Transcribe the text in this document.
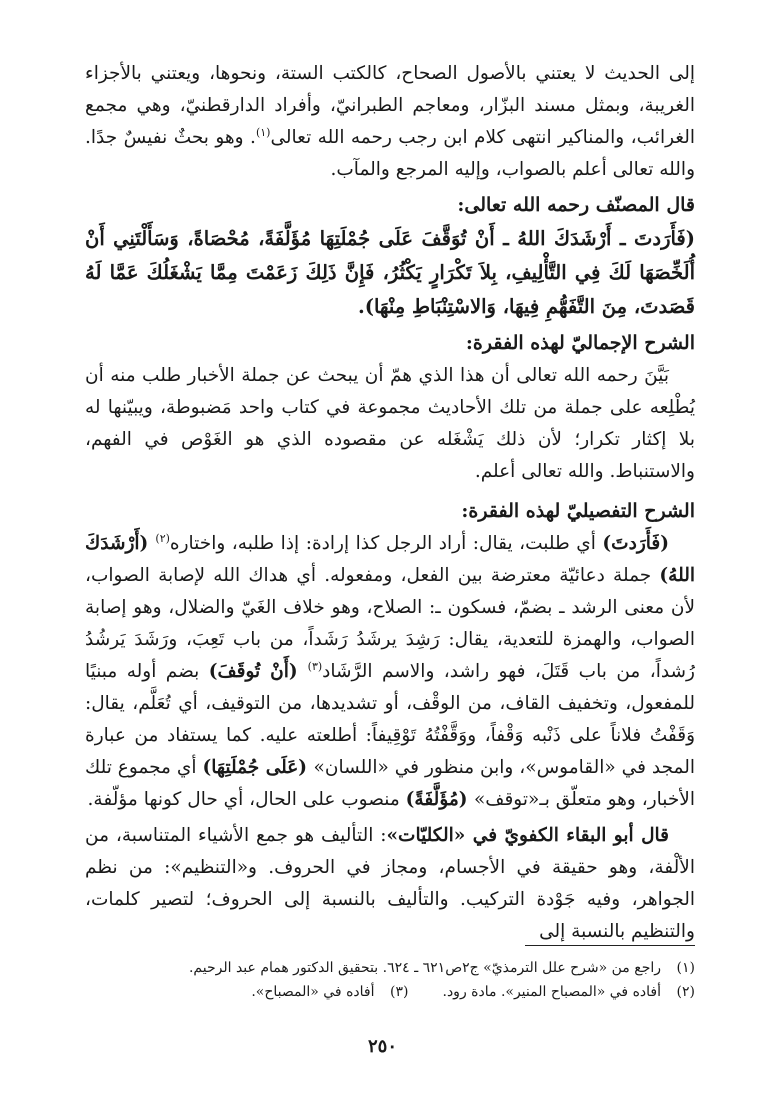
إلى الحديث لا يعتني بالأصول الصحاح، كالكتب الستة، ونحوها، ويعتني بالأجزاء الغريبة، وبمثل مسند البزّار، ومعاجم الطبرانيّ، وأفراد الدارقطنيّ، وهي مجمع الغرائب، والمناكير انتهى كلام ابن رجب رحمه الله تعالى$^{(١)}$. وهو بحثٌ نفيسٌ جدًا. والله تعالى أعلم بالصواب، وإليه المرجع والمآب.

قال المصنّف رحمه الله تعالى:

(فَأَرَدتَ ـ أَرْشَدَكَ اللهُ ـ أَنْ تُوَقَّفَ عَلَى جُمْلَتِهَا مُؤَلَّفَةً، مُحْصَاةً، وَسَأَلْتَنِي أَنْ أُلَخِّصَهَا لَكَ فِي التَّأْلِيفِ، بِلاَ تَكْرَارٍ يَكْثُرُ، فَإِنَّ ذَلِكَ زَعَمْتَ مِمَّا يَشْغَلُكَ عَمَّا لَهُ قَصَدتَ، مِنَ التَّفَهُّمِ فِيهَا، وَالاسْتِنْبَاطِ مِنْهَا).

الشرح الإجماليّ لهذه الفقرة:

بَيَّنَ رحمه الله تعالى أن هذا الذي همّ أن يبحث عن جملة الأخبار طلب منه أن يُطْلِعه على جملة من تلك الأحاديث مجموعة في كتاب واحد مَضبوطة، ويبيّنها له بلا إكثار تكرار؛ لأن ذلك يَشْغَله عن مقصوده الذي هو الغَوْص في الفهم، والاستنباط. والله تعالى أعلم.

الشرح التفصيليّ لهذه الفقرة:

(فَأَرَدتَ) أي طلبت، يقال: أراد الرجل كذا إرادة: إذا طلبه، واختاره$^{(٢)}$ (أَرْشَدَكَ اللهُ) جملة دعائيّة معترضة بين الفعل، ومفعوله. أي هداك الله لإصابة الصواب، لأن معنى الرشد ـ بضمّ، فسكون ـ: الصلاح، وهو خلاف الغَيّ والضلال، وهو إصابة الصواب، والهمزة للتعدية، يقال: رَشِدَ يرشَدُ رَشَداً، من باب تَعِبَ، ورَشَدَ يَرشُدُ رُشداً، من باب قَتَلَ، فهو راشد، والاسم الرَّشَاد$^{(٣)}$ (أَنْ تُوقَفَ) بضم أوله مبنيًا للمفعول، وتخفيف القاف، من الوقْف، أو تشديدها، من التوقيف، أي تُعَلَّم، يقال: وَقَفْتُ فلاناً على ذَنْبه وَقْفاً، ووَقَّفْتُهُ تَوْقِيفاً: أطلعته عليه. كما يستفاد من عبارة المجد في «القاموس»، وابن منظور في «اللسان» (عَلَى جُمْلَتِهَا) أي مجموع تلك الأخبار، وهو متعلّق بـ«توقف» (مُؤَلَّفَةً) منصوب على الحال، أي حال كونها مؤلّفة.

قال أبو البقاء الكفويّ في «الكليّات»: التأليف هو جمع الأشياء المتناسبة، من الألْفة، وهو حقيقة في الأجسام، ومجاز في الحروف. و«التنظيم»: من نظم الجواهر، وفيه جَوْدة التركيب. والتأليف بالنسبة إلى الحروف؛ لتصير كلمات، والتنظيم بالنسبة إلى

(١)راجع من «شرح علل الترمذيّ» ج٢ص٦٢١ ـ ٦٢٤. بتحقيق الدكتور همام عبد الرحيم.

(٢)أفاده في «المصباح المنير». مادة رود.(٣)أفاده في «المصباح».

٢٥٠
